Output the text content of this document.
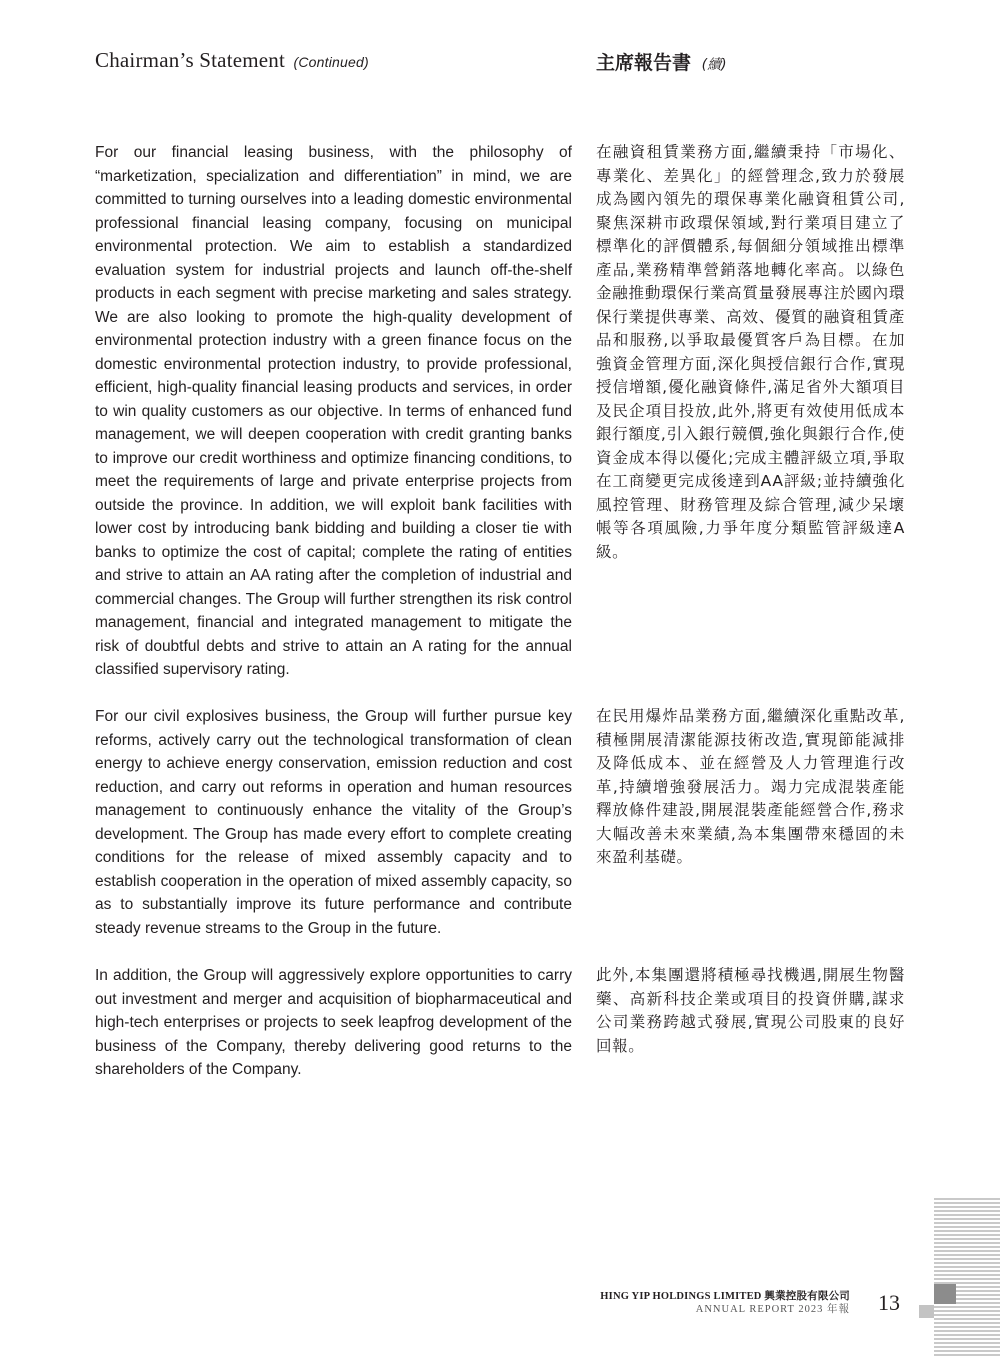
Chairman’s Statement (Continued)	主席報告書 (續)

For our financial leasing business, with the philosophy of “marketization, specialization and differentiation” in mind, we are committed to turning ourselves into a leading domestic environmental professional financial leasing company, focusing on municipal environmental protection. We aim to establish a standardized evaluation system for industrial projects and launch off-the-shelf products in each segment with precise marketing and sales strategy. We are also looking to promote the high-quality development of environmental protection industry with a green finance focus on the domestic environmental protection industry, to provide professional, efficient, high-quality financial leasing products and services, in order to win quality customers as our objective. In terms of enhanced fund management, we will deepen cooperation with credit granting banks to improve our credit worthiness and optimize financing conditions, to meet the requirements of large and private enterprise projects from outside the province. In addition, we will exploit bank facilities with lower cost by introducing bank bidding and building a closer tie with banks to optimize the cost of capital; complete the rating of entities and strive to attain an AA rating after the completion of industrial and commercial changes. The Group will further strengthen its risk control management, financial and integrated management to mitigate the risk of doubtful debts and strive to attain an A rating for the annual classified supervisory rating.

For our civil explosives business, the Group will further pursue key reforms, actively carry out the technological transformation of clean energy to achieve energy conservation, emission reduction and cost reduction, and carry out reforms in operation and human resources management to continuously enhance the vitality of the Group’s development. The Group has made every effort to complete creating conditions for the release of mixed assembly capacity and to establish cooperation in the operation of mixed assembly capacity, so as to substantially improve its future performance and contribute steady revenue streams to the Group in the future.

In addition, the Group will aggressively explore opportunities to carry out investment and merger and acquisition of biopharmaceutical and high-tech enterprises or projects to seek leapfrog development of the business of the Company, thereby delivering good returns to the shareholders of the Company.

在融資租賃業務方面,繼續秉持「市場化、專業化、差異化」的經營理念,致力於發展成為國內領先的環保專業化融資租賃公司,聚焦深耕市政環保領域,對行業項目建立了標準化的評價體系,每個細分領域推出標準產品,業務精準營銷落地轉化率高。以綠色金融推動環保行業高質量發展專注於國內環保行業提供專業、高效、優質的融資租賃產品和服務,以爭取最優質客戶為目標。在加強資金管理方面,深化與授信銀行合作,實現授信增額,優化融資條件,滿足省外大額項目及民企項目投放,此外,將更有效使用低成本銀行額度,引入銀行競價,強化與銀行合作,使資金成本得以優化;完成主體評級立項,爭取在工商變更完成後達到AA評級;並持續強化風控管理、財務管理及綜合管理,減少呆壞帳等各項風險,力爭年度分類監管評級達A級。

在民用爆炸品業務方面,繼續深化重點改革,積極開展清潔能源技術改造,實現節能減排及降低成本、並在經營及人力管理進行改革,持續增強發展活力。竭力完成混裝產能釋放條件建設,開展混裝產能經營合作,務求大幅改善未來業績,為本集團帶來穩固的未來盈利基礎。

此外,本集團還將積極尋找機遇,開展生物醫藥、高新科技企業或項目的投資併購,謀求公司業務跨越式發展,實現公司股東的良好回報。

HING YIP HOLDINGS LIMITED 興業控股有限公司
ANNUAL REPORT 2023 年報 13
